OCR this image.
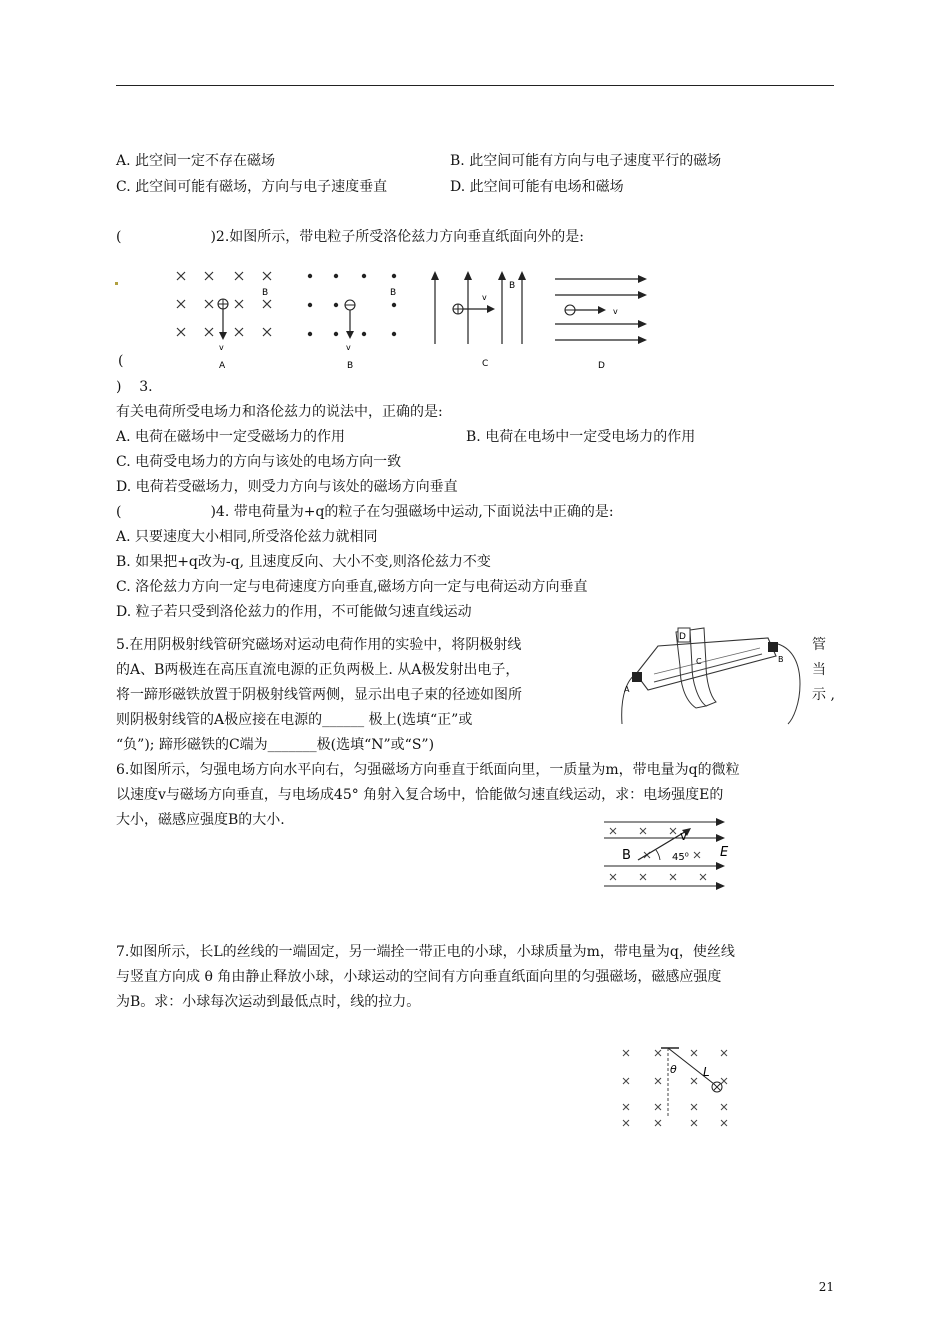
A. 此空间一定不存在磁场	B. 此空间可能有方向与电子速度平行的磁场
C. 此空间可能有磁场，方向与电子速度垂直	D. 此空间可能有电场和磁场
(                    )2.如图所示，带电粒子所受洛伦兹力方向垂直纸面向外的是:
B
v
A
B
v
B
v
B
C
v
D
(
)    3.
有关电荷所受电场力和洛伦兹力的说法中，正确的是:
A. 电荷在磁场中一定受磁场力的作用	B. 电荷在电场中一定受电场力的作用
C. 电荷受电场力的方向与该处的电场方向一致
D. 电荷若受磁场力，则受力方向与该处的磁场方向垂直
(                    )4. 带电荷量为+q的粒子在匀强磁场中运动,下面说法中正确的是:
A. 只要速度大小相同,所受洛伦兹力就相同
B. 如果把+q改为-q, 且速度反向、大小不变,则洛伦兹力不变
C. 洛伦兹力方向一定与电荷速度方向垂直,磁场方向一定与电荷运动方向垂直
D. 粒子若只受到洛伦兹力的作用，不可能做匀速直线运动
5.在用阴极射线管研究磁场对运动电荷作用的实验中，将阴极射线	管
的A、B两极连在高压直流电源的正负两极上. 从A极发射出电子，	当
将一蹄形磁铁放置于阴极射线管两侧，显示出电子束的径迹如图所	示 ,
则阴极射线管的A极应接在电源的______ 极上(选填“正”或
“负”); 蹄形磁铁的C端为_______极(选填“N”或“S”)
D
C
A
B
6.如图所示，匀强电场方向水平向右，匀强磁场方向垂直于纸面向里，一质量为m，带电量为q的微粒
以速度v与磁场方向垂直，与电场成45° 角射入复合场中，恰能做匀速直线运动，求：电场强度E的
大小，磁感应强度B的大小.
B
v
45⁰ E
7.如图所示，长L的丝线的一端固定，另一端拴一带正电的小球，小球质量为m，带电量为q，使丝线
与竖直方向成 θ 角由静止释放小球，小球运动的空间有方向垂直纸面向里的匀强磁场，磁感应强度
为B。求：小球每次运动到最低点时，线的拉力。
θ L
21
